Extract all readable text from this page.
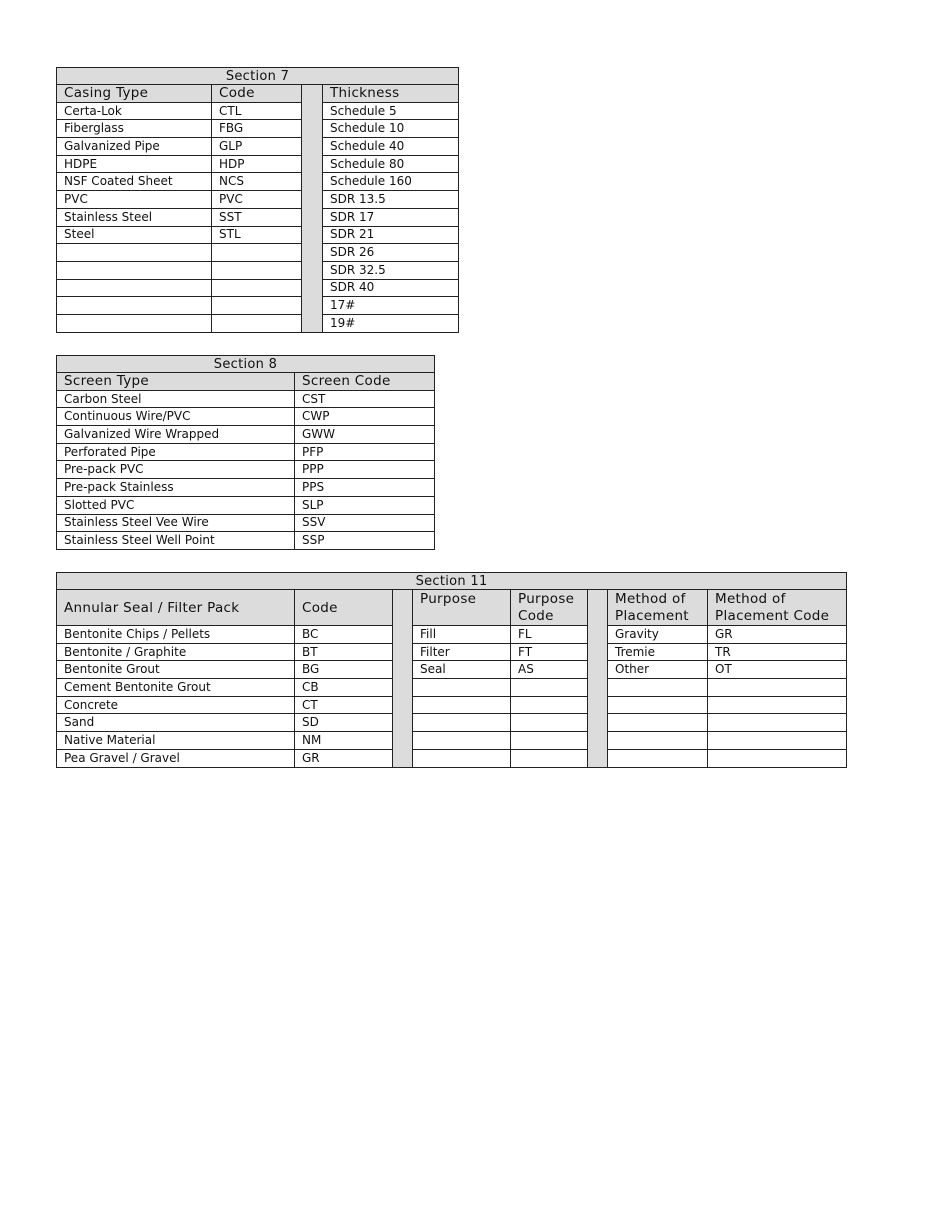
Section 7			
Casing Type	Code		Thickness
Certa-Lok	CTL		Schedule 5
Fiberglass	FBG		Schedule 10
Galvanized Pipe	GLP		Schedule 40
HDPE	HDP		Schedule 80
NSF Coated Sheet	NCS		Schedule 160
PVC	PVC		SDR 13.5
Stainless Steel	SST		SDR 17
Steel	STL		SDR 21
			SDR 26
			SDR 32.5
			SDR 40
			17#
			19#
Section 8	
Screen Type	Screen Code
Carbon Steel	CST
Continuous Wire/PVC	CWP
Galvanized Wire Wrapped	GWW
Perforated Pipe	PFP
Pre-pack PVC	PPP
Pre-pack Stainless	PPS
Slotted PVC	SLP
Stainless Steel Vee Wire	SSV
Stainless Steel Well Point	SSP
Section 11							
Annular Seal / Filter Pack	Code		Purpose	Purpose Code		Method of Placement	Method of Placement Code
Bentonite Chips / Pellets	BC		Fill	FL		Gravity	GR
Bentonite / Graphite	BT		Filter	FT		Tremie	TR
Bentonite Grout	BG		Seal	AS		Other	OT
Cement Bentonite Grout	CB						
Concrete	CT						
Sand	SD						
Native Material	NM						
Pea Gravel / Gravel	GR						
